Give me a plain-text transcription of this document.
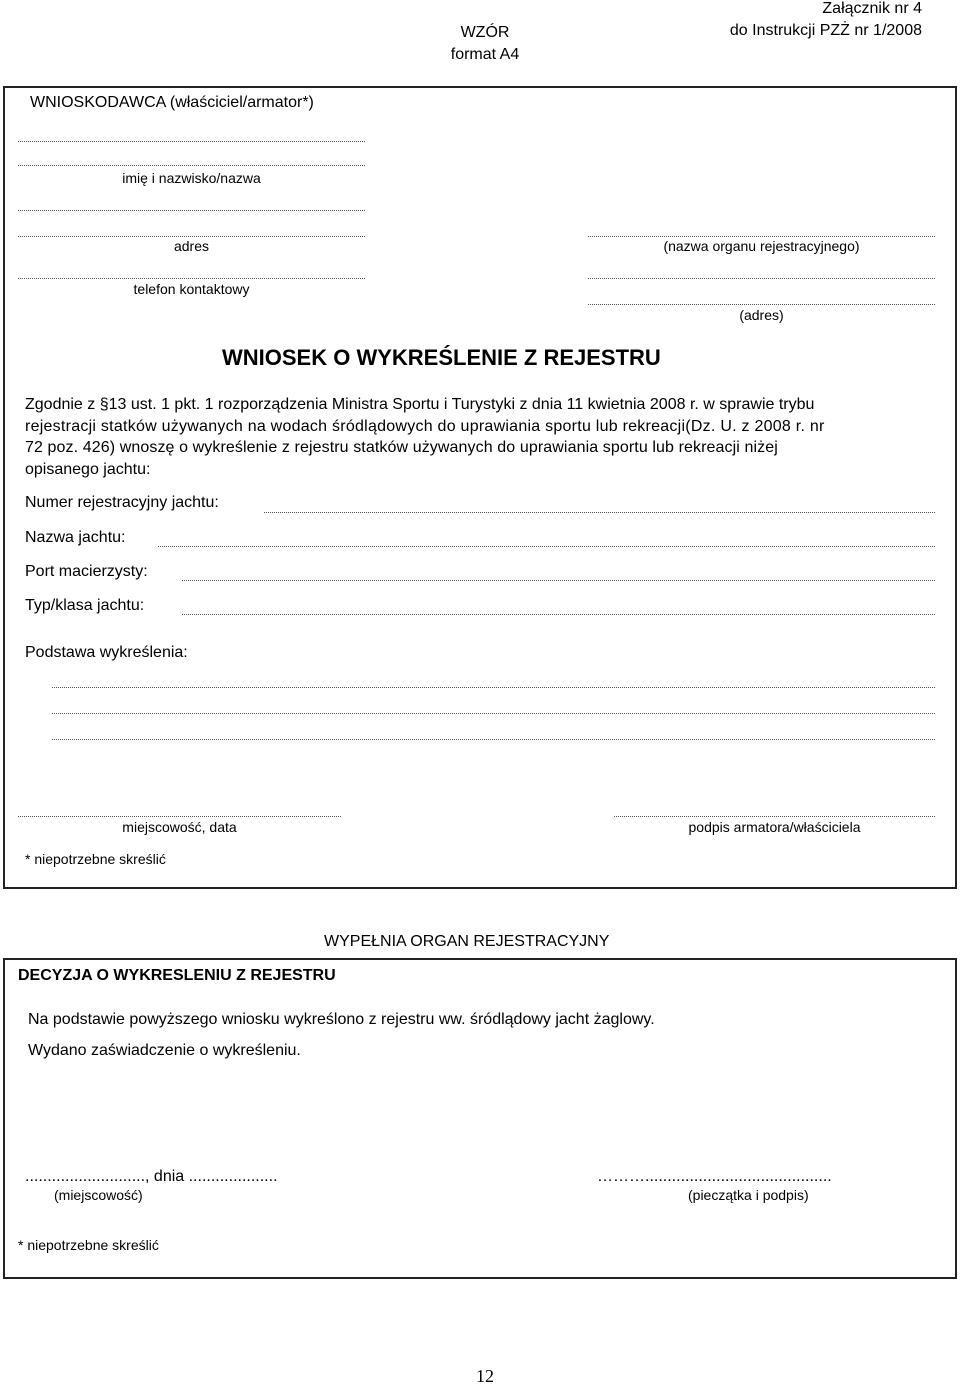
WZÓR
format A4
Załącznik nr 4
do Instrukcji PZŻ nr 1/2008
WNIOSKODAWCA (właściciel/armator*)
imię i nazwisko/nazwa
adres
telefon kontaktowy
(nazwa organu rejestracyjnego)
(adres)
WNIOSEK O WYKREŚLENIE Z REJESTRU
Zgodnie z §13 ust. 1 pkt. 1 rozporządzenia Ministra Sportu i Turystyki z dnia 11 kwietnia 2008 r. w sprawie trybu
rejestracji statków używanych na wodach śródlądowych do uprawiania sportu lub rekreacji(Dz. U. z 2008 r. nr
72 poz. 426) wnoszę o wykreślenie z rejestru statków używanych do uprawiania sportu lub rekreacji niżej
opisanego jachtu:
Numer rejestracyjny jachtu:
Nazwa jachtu:
Port macierzysty:
Typ/klasa jachtu:
Podstawa wykreślenia:
miejscowość, data	podpis armatora/właściciela
* niepotrzebne skreślić
WYPEŁNIA ORGAN REJESTRACYJNY
DECYZJA O WYKRESLENIU Z REJESTRU
Na podstawie powyższego wniosku wykreślono z rejestru ww. śródlądowy jacht żaglowy.
Wydano zaświadczenie o wykreśleniu.
..........................., dnia ....................	………..........................................
(miejscowość)	(pieczątka i podpis)
* niepotrzebne skreślić
12
